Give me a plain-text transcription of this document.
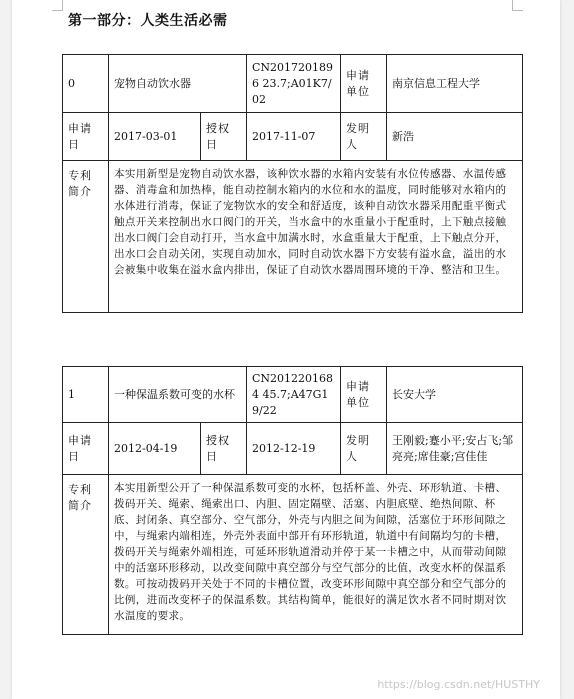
第一部分：人类生活必需
0	宠物自动饮水器		CN2017201896 23.7;A01K7/02	申请单位	南京信息工程大学
申请日	2017-03-01	授权日	2017-11-07	发明人	新浩
专利简介	本实用新型是宠物自动饮水器，该种饮水器的水箱内安装有水位传感器、水温传感器、消毒盒和加热棒，能自动控制水箱内的水位和水的温度，同时能够对水箱内的水体进行消毒，保证了宠物饮水的安全和舒适度，该种自动饮水器采用配重平衡式触点开关来控制出水口阀门的开关，当水盒中的水重量小于配重时，上下触点接触出水口阀门会自动打开，当水盒中加满水时，水盒重量大于配重，上下触点分开，出水口会自动关闭，实现自动加水，同时自动饮水器下方安装有溢水盒，溢出的水会被集中收集在溢水盒内排出，保证了自动饮水器周围环境的干净、整洁和卫生。				
1	一种保温系数可变的水杯		CN2012201684 45.7;A47G19/22	申请单位	长安大学
申请日	2012-04-19	授权日	2012-12-19	发明人	王刚毅;蹇小平;安占飞;邹亮亮;席佳豪;宫佳佳
专利简介	本实用新型公开了一种保温系数可变的水杯，包括杯盖、外壳、环形轨道、卡槽、拨码开关、绳索、绳索出口、内胆、固定隔壁、活塞、内胆底壁、绝热间隙、杯底、封闭条、真空部分、空气部分，外壳与内胆之间为间隙，活塞位于环形间隙之中，与绳索内端相连，外壳外表面中部开有环形轨道，轨道中有间隔均匀的卡槽，拨码开关与绳索外端相连，可延环形轨道滑动并停于某一卡槽之中，从而带动间隙中的活塞环形移动，以改变间隙中真空部分与空气部分的比值，改变水杯的保温系数。可按动拨码开关处于不同的卡槽位置，改变环形间隙中真空部分和空气部分的比例，进而改变杯子的保温系数。其结构简单，能很好的满足饮水者不同时期对饮水温度的要求。				
https://blog.csdn.net/HUSTHY
